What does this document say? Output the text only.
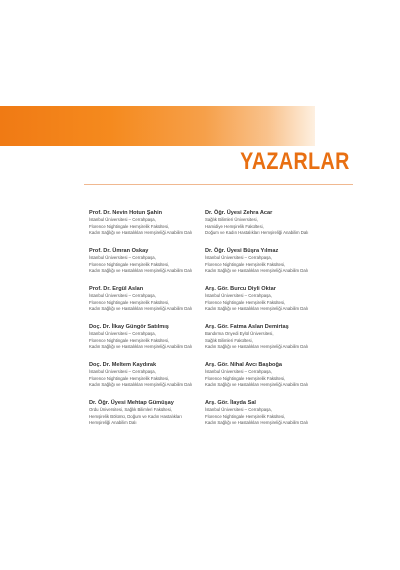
YAZARLAR
Prof. Dr. Nevin Hotun Şahin
İstanbul Üniversitesi – Cerrahpaşa,
Florence Nightingale Hemşirelik Fakültesi,
Kadın Sağlığı ve Hastalıkları Hemşireliği Anabilim Dalı
Prof. Dr. Ümran Oskay
İstanbul Üniversitesi – Cerrahpaşa,
Florence Nightingale Hemşirelik Fakültesi,
Kadın Sağlığı ve Hastalıkları Hemşireliği Anabilim Dalı
Prof. Dr. Ergül Aslan
İstanbul Üniversitesi – Cerrahpaşa,
Florence Nightingale Hemşirelik Fakültesi,
Kadın Sağlığı ve Hastalıkları Hemşireliği Anabilim Dalı
Doç. Dr. İlkay Güngör Satılmış
İstanbul Üniversitesi – Cerrahpaşa,
Florence Nightingale Hemşirelik Fakültesi,
Kadın Sağlığı ve Hastalıkları Hemşireliği Anabilim Dalı
Doç. Dr. Meltem Kaydırak
İstanbul Üniversitesi – Cerrahpaşa,
Florence Nightingale Hemşirelik Fakültesi,
Kadın Sağlığı ve Hastalıkları Hemşireliği Anabilim Dalı
Dr. Öğr. Üyesi Mehtap Gümüşay
Ordu Üniversitesi, Sağlık Bilimleri Fakültesi,
Hemşirelik Bölümü, Doğum ve Kadın Hastalıkları
Hemşireliği Anabilim Dalı
Dr. Öğr. Üyesi Zehra Acar
Sağlık Bilimleri Üniversitesi,
Hamidiye Hemşirelik Fakültesi,
Doğum ve Kadın Hastalıkları Hemşireliği Anabilim Dalı
Dr. Öğr. Üyesi Büşra Yılmaz
İstanbul Üniversitesi – Cerrahpaşa,
Florence Nightingale Hemşirelik Fakültesi,
Kadın Sağlığı ve Hastalıkları Hemşireliği Anabilim Dalı
Arş. Gör. Burcu Diyli Oktar
İstanbul Üniversitesi – Cerrahpaşa,
Florence Nightingale Hemşirelik Fakültesi,
Kadın Sağlığı ve Hastalıkları Hemşireliği Anabilim Dalı
Arş. Gör. Fatma Aslan Demirtaş
Bandırma Onyedi Eylül Üniversitesi,
Sağlık Bilimleri Fakültesi,
Kadın Sağlığı ve Hastalıkları Hemşireliği Anabilim Dalı
Arş. Gör. Nihal Avcı Başboğa
İstanbul Üniversitesi – Cerrahpaşa,
Florence Nightingale Hemşirelik Fakültesi,
Kadın Sağlığı ve Hastalıkları Hemşireliği Anabilim Dalı
Arş. Gör. İlayda Sal
İstanbul Üniversitesi – Cerrahpaşa,
Florence Nightingale Hemşirelik Fakültesi,
Kadın Sağlığı ve Hastalıkları Hemşireliği Anabilim Dalı
